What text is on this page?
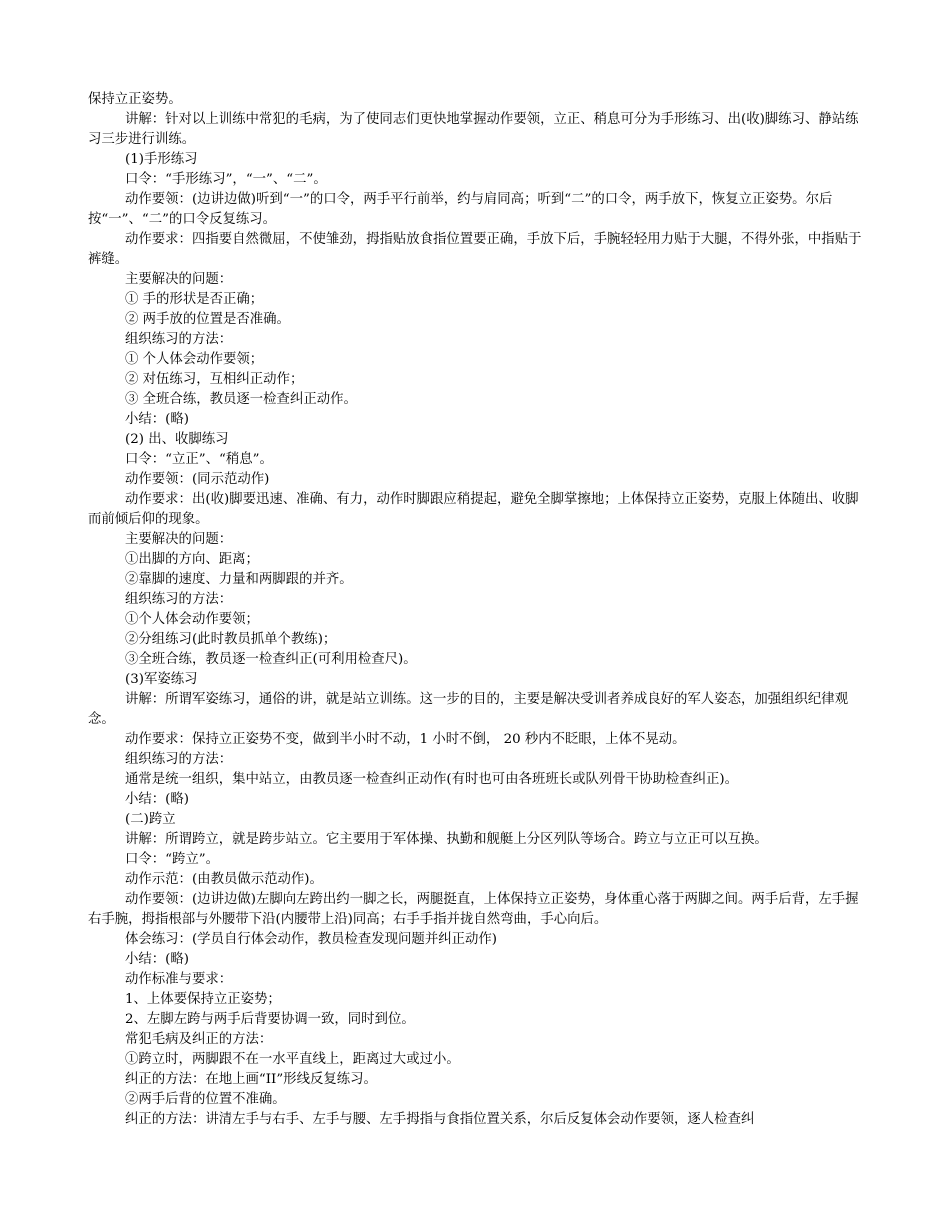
保持立正姿势。

讲解：针对以上训练中常犯的毛病，为了使同志们更快地掌握动作要领，立正、稍息可分为手形练习、出(收)脚练习、静站练习三步进行训练。

(1)手形练习

口令：“手形练习”，“一”、“二”。

动作要领：(边讲边做)听到“一”的口令，两手平行前举，约与肩同高；听到“二”的口令，两手放下，恢复立正姿势。尔后按“一”、“二”的口令反复练习。

动作要求：四指要自然微屈，不使雏劲，拇指贴放食指位置要正确，手放下后，手腕轻轻用力贴于大腿，不得外张，中指贴于裤缝。

主要解决的问题：

① 手的形状是否正确；

② 两手放的位置是否准确。

组织练习的方法：

① 个人体会动作要领；

② 对伍练习，互相纠正动作；

③ 全班合练，教员逐一检查纠正动作。

小结：(略)

(2) 出、收脚练习

口令：“立正”、“稍息”。

动作要领：(同示范动作)

动作要求：出(收)脚要迅速、准确、有力，动作时脚跟应稍提起，避免全脚掌擦地；上体保持立正姿势，克服上体随出、收脚而前倾后仰的现象。

主要解决的问题：

①出脚的方向、距离；

②靠脚的速度、力量和两脚跟的并齐。

组织练习的方法：

①个人体会动作要领；

②分组练习(此时教员抓单个教练)；

③全班合练，教员逐一检查纠正(可利用检查尺)。

(3)军姿练习

讲解：所谓军姿练习，通俗的讲，就是站立训练。这一步的目的，主要是解决受训者养成良好的军人姿态，加强组织纪律观念。

动作要求：保持立正姿势不变，做到半小时不动，1 小时不倒， 20 秒内不眨眼，上体不晃动。

组织练习的方法：

通常是统一组织，集中站立，由教员逐一检查纠正动作(有时也可由各班班长或队列骨干协助检查纠正)。

小结：(略)

(二)跨立

讲解：所谓跨立，就是跨步站立。它主要用于军体操、执勤和舰艇上分区列队等场合。跨立与立正可以互换。

口令：“跨立”。

动作示范：(由教员做示范动作)。

动作要领：(边讲边做)左脚向左跨出约一脚之长，两腿挺直，上体保持立正姿势，身体重心落于两脚之间。两手后背，左手握右手腕，拇指根部与外腰带下沿(内腰带上沿)同高；右手手指并拢自然弯曲，手心向后。

体会练习：(学员自行体会动作，教员检查发现问题并纠正动作)

小结：(略)

动作标准与要求：

1、上体要保持立正姿势；

2、左脚左跨与两手后背要协调一致，同时到位。

常犯毛病及纠正的方法：

①跨立时，两脚跟不在一水平直线上，距离过大或过小。

纠正的方法：在地上画“II”形线反复练习。

②两手后背的位置不准确。

纠正的方法：讲清左手与右手、左手与腰、左手拇指与食指位置关系，尔后反复体会动作要领，逐人检查纠
